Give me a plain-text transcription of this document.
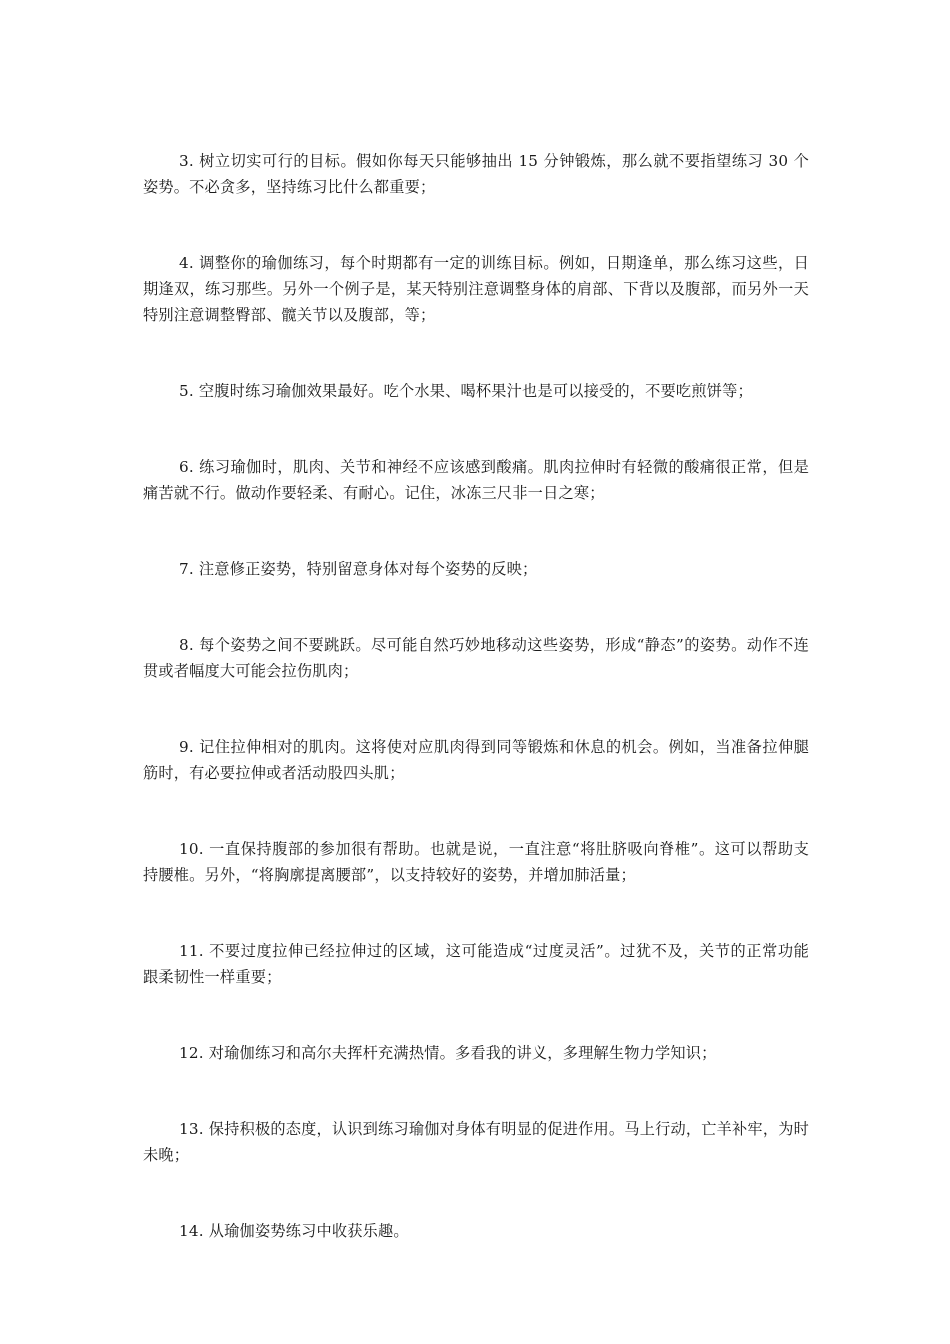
3. 树立切实可行的目标。假如你每天只能够抽出 15 分钟锻炼，那么就不要指望练习 30 个姿势。不必贪多，坚持练习比什么都重要；

4. 调整你的瑜伽练习，每个时期都有一定的训练目标。例如，日期逢单，那么练习这些，日期逢双，练习那些。另外一个例子是，某天特别注意调整身体的肩部、下背以及腹部，而另外一天特别注意调整臀部、髋关节以及腹部，等；

5. 空腹时练习瑜伽效果最好。吃个水果、喝杯果汁也是可以接受的，不要吃煎饼等；

6. 练习瑜伽时，肌肉、关节和神经不应该感到酸痛。肌肉拉伸时有轻微的酸痛很正常，但是痛苦就不行。做动作要轻柔、有耐心。记住，冰冻三尺非一日之寒；

7. 注意修正姿势，特别留意身体对每个姿势的反映；

8. 每个姿势之间不要跳跃。尽可能自然巧妙地移动这些姿势，形成“静态”的姿势。动作不连贯或者幅度大可能会拉伤肌肉；

9. 记住拉伸相对的肌肉。这将使对应肌肉得到同等锻炼和休息的机会。例如，当准备拉伸腿筋时，有必要拉伸或者活动股四头肌；

10. 一直保持腹部的参加很有帮助。也就是说，一直注意“将肚脐吸向脊椎”。这可以帮助支持腰椎。另外，“将胸廓提离腰部”，以支持较好的姿势，并增加肺活量；

11. 不要过度拉伸已经拉伸过的区域，这可能造成“过度灵活”。过犹不及，关节的正常功能跟柔韧性一样重要；

12. 对瑜伽练习和高尔夫挥杆充满热情。多看我的讲义，多理解生物力学知识；

13. 保持积极的态度，认识到练习瑜伽对身体有明显的促进作用。马上行动，亡羊补牢，为时未晚；

14. 从瑜伽姿势练习中收获乐趣。
